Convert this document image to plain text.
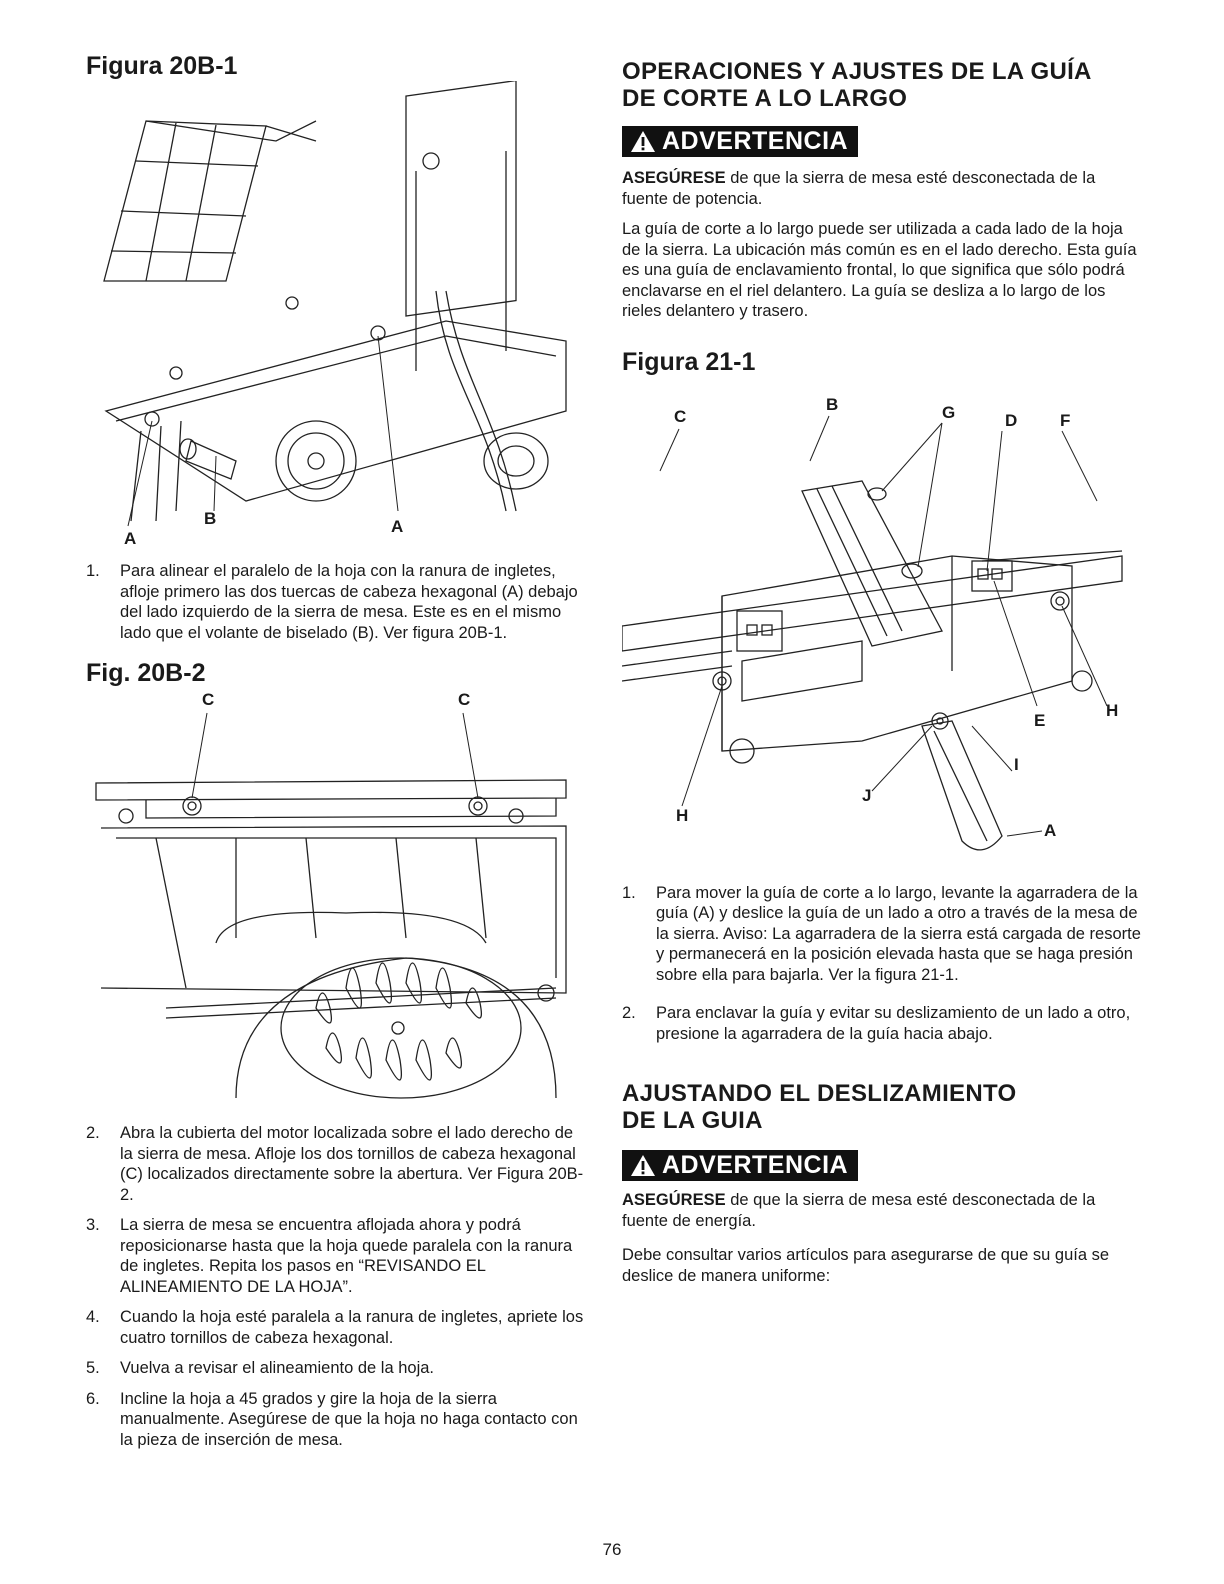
Figura 20B-1
A
B	A
1. Para alinear el paralelo de la hoja con la ranura de ingletes, afloje primero las dos tuercas de cabeza hexagonal (A) debajo del lado izquierdo de la sierra de mesa. Este es en el mismo lado que el volante de biselado (B). Ver figura 20B-1.
Fig. 20B-2
C	C
2. Abra la cubierta del motor localizada sobre el lado derecho de la sierra de mesa. Afloje los dos tornillos de cabeza hexagonal (C) localizados directamente sobre la abertura. Ver Figura 20B-2.
3. La sierra de mesa se encuentra aflojada ahora y podrá reposicionarse hasta que la hoja quede paralela con la ranura de ingletes. Repita los pasos en “REVISANDO EL ALINEAMIENTO DE LA HOJA”.
4. Cuando la hoja esté paralela a la ranura de ingletes, apriete los cuatro tornillos de cabeza hexagonal.
5. Vuelva a revisar el alineamiento de la hoja.
6. Incline la hoja a 45 grados y gire la hoja de la sierra manualmente. Asegúrese de que la hoja no haga contacto con la pieza de inserción de mesa.
OPERACIONES Y AJUSTES DE LA GUÍA
DE CORTE A LO LARGO
ADVERTENCIA

ASEGÚRESE de que la sierra de mesa esté desconectada de la fuente de potencia.

La guía de corte a lo largo puede ser utilizada a cada lado de la hoja de la sierra. La ubicación más común es en el lado derecho. Esta guía es una guía de enclavamiento frontal, lo que significa que sólo podrá enclavarse en el riel delantero. La guía se desliza a lo largo de los rieles delantero y trasero.

Figura 21-1
C
B	G	D	F
E
H
I
J
H
A
1. Para mover la guía de corte a lo largo, levante la agarradera de la guía (A) y deslice la guía de un lado a otro a través de la mesa de la sierra. Aviso: La agarradera de la sierra está cargada de resorte y permanecerá en la posición elevada hasta que se haga presión sobre ella para bajarla. Ver la figura 21-1.
2. Para enclavar la guía y evitar su deslizamiento de un lado a otro, presione la agarradera de la guía hacia abajo.
AJUSTANDO EL DESLIZAMIENTO
DE LA GUIA
ADVERTENCIA

ASEGÚRESE de que la sierra de mesa esté desconectada de la fuente de energía.

Debe consultar varios artículos para asegurarse de que su guía se deslice de manera uniforme:

76
